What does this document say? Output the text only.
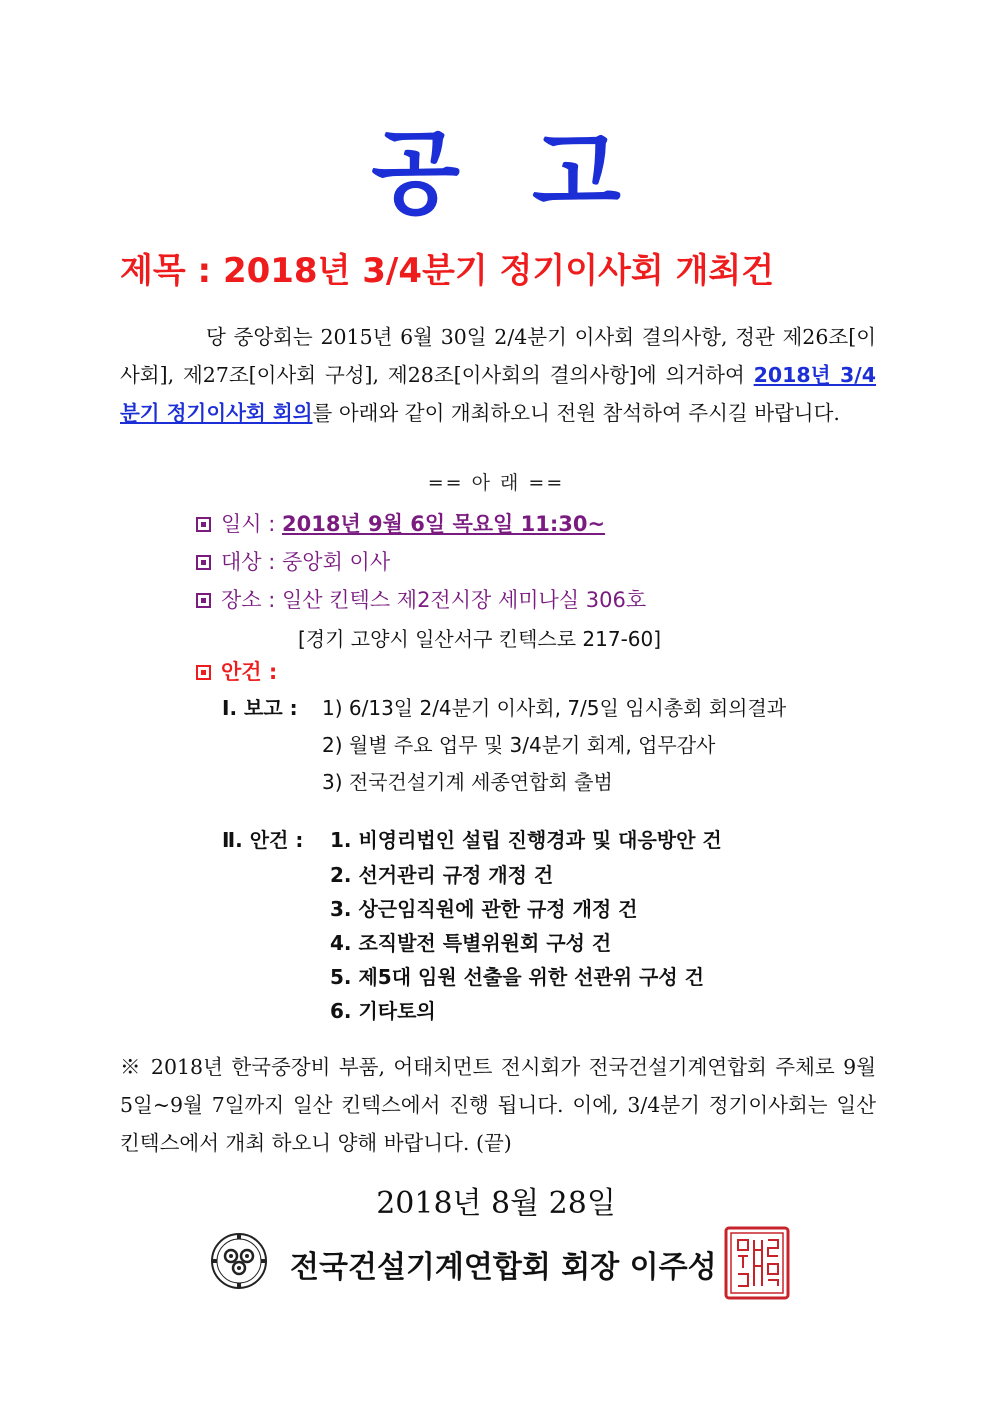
공 고
제목 : 2018년 3/4분기 정기이사회 개최건
당 중앙회는 2015년 6월 30일 2/4분기 이사회 결의사항, 정관 제26조[이사회], 제27조[이사회 구성], 제28조[이사회의 결의사항]에 의거하여 2018년 3/4분기 정기이사회 회의를 아래와 같이 개최하오니 전원 참석하여 주시길 바랍니다.
== 아 래 ==
일시 : 2018년 9월 6일 목요일 11:30~
대상 : 중앙회 이사
장소 : 일산 킨텍스 제2전시장 세미나실 306호
[경기 고양시 일산서구 킨텍스로 217-60]
안건 :
Ⅰ. 보고 : 1) 6/13일 2/4분기 이사회, 7/5일 임시총회 회의결과
2) 월별 주요 업무 및 3/4분기 회계, 업무감사
3) 전국건설기계 세종연합회 출범
Ⅱ. 안건 : 1. 비영리법인 설립 진행경과 및 대응방안 건
2. 선거관리 규정 개정 건
3. 상근임직원에 관한 규정 개정 건
4. 조직발전 특별위원회 구성 건
5. 제5대 임원 선출을 위한 선관위 구성 건
6. 기타토의
※ 2018년 한국중장비 부품, 어태치먼트 전시회가 전국건설기계연합회 주체로 9월 5일~9월 7일까지 일산 킨텍스에서 진행 됩니다. 이에, 3/4분기 정기이사회는 일산 킨텍스에서 개최 하오니 양해 바랍니다. (끝)
2018년 8월 28일
전국건설기계연합회 회장 이주성
